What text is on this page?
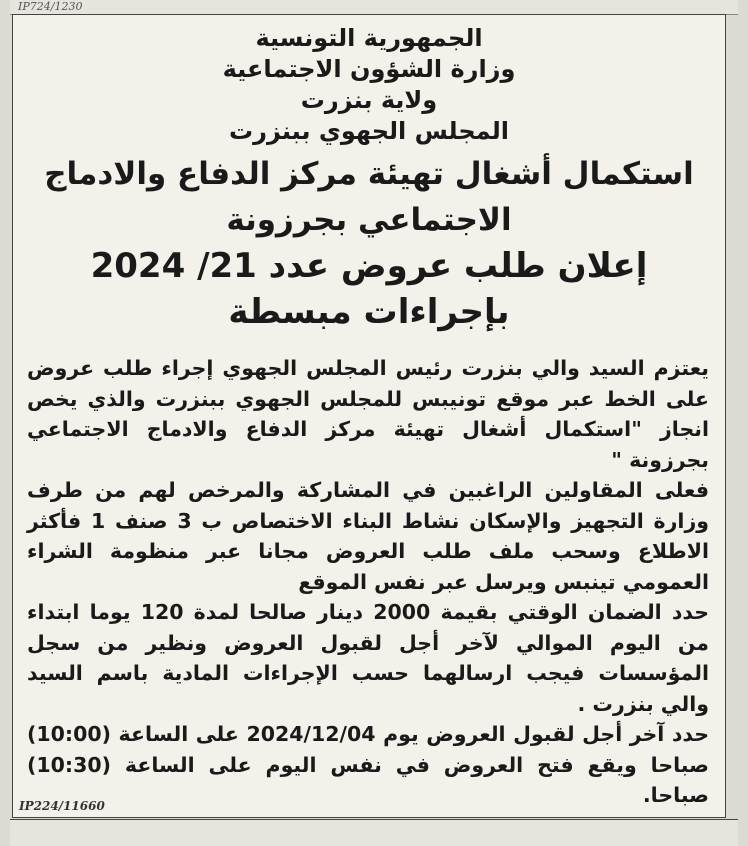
IP724/1230

الجمهورية التونسية

وزارة الشؤون الاجتماعية

ولاية بنزرت

المجلس الجهوي ببنزرت

استكمال أشغال تهيئة مركز الدفاع والادماج الاجتماعي بجرزونة

إعلان طلب عروض عدد 21/ 2024

بإجراءات مبسطة

يعتزم السيد والي بنزرت رئيس المجلس الجهوي إجراء طلب عروض على الخط عبر موقع تونيبس للمجلس الجهوي ببنزرت والذي يخص انجاز "استكمال أشغال تهيئة مركز الدفاع والادماج الاجتماعي بجرزونة "

فعلى المقاولين الراغبين في المشاركة والمرخص لهم من طرف وزارة التجهيز والإسكان نشاط البناء الاختصاص ب 3 صنف 1 فأكثر الاطلاع وسحب ملف طلب العروض مجانا عبر منظومة الشراء العمومي تينبس ويرسل عبر نفس الموقع

حدد الضمان الوقتي بقيمة 2000 دينار صالحا لمدة 120 يوما ابتداء من اليوم الموالي لآخر أجل لقبول العروض ونظير من سجل المؤسسات فيجب ارسالهما حسب الإجراءات المادية باسم السيد والي بنزرت .

حدد آخر أجل لقبول العروض يوم 2024/12/04 على الساعة (10:00) صباحا ويقع فتح العروض في نفس اليوم على الساعة (10:30) صباحا.

IP224/11660
